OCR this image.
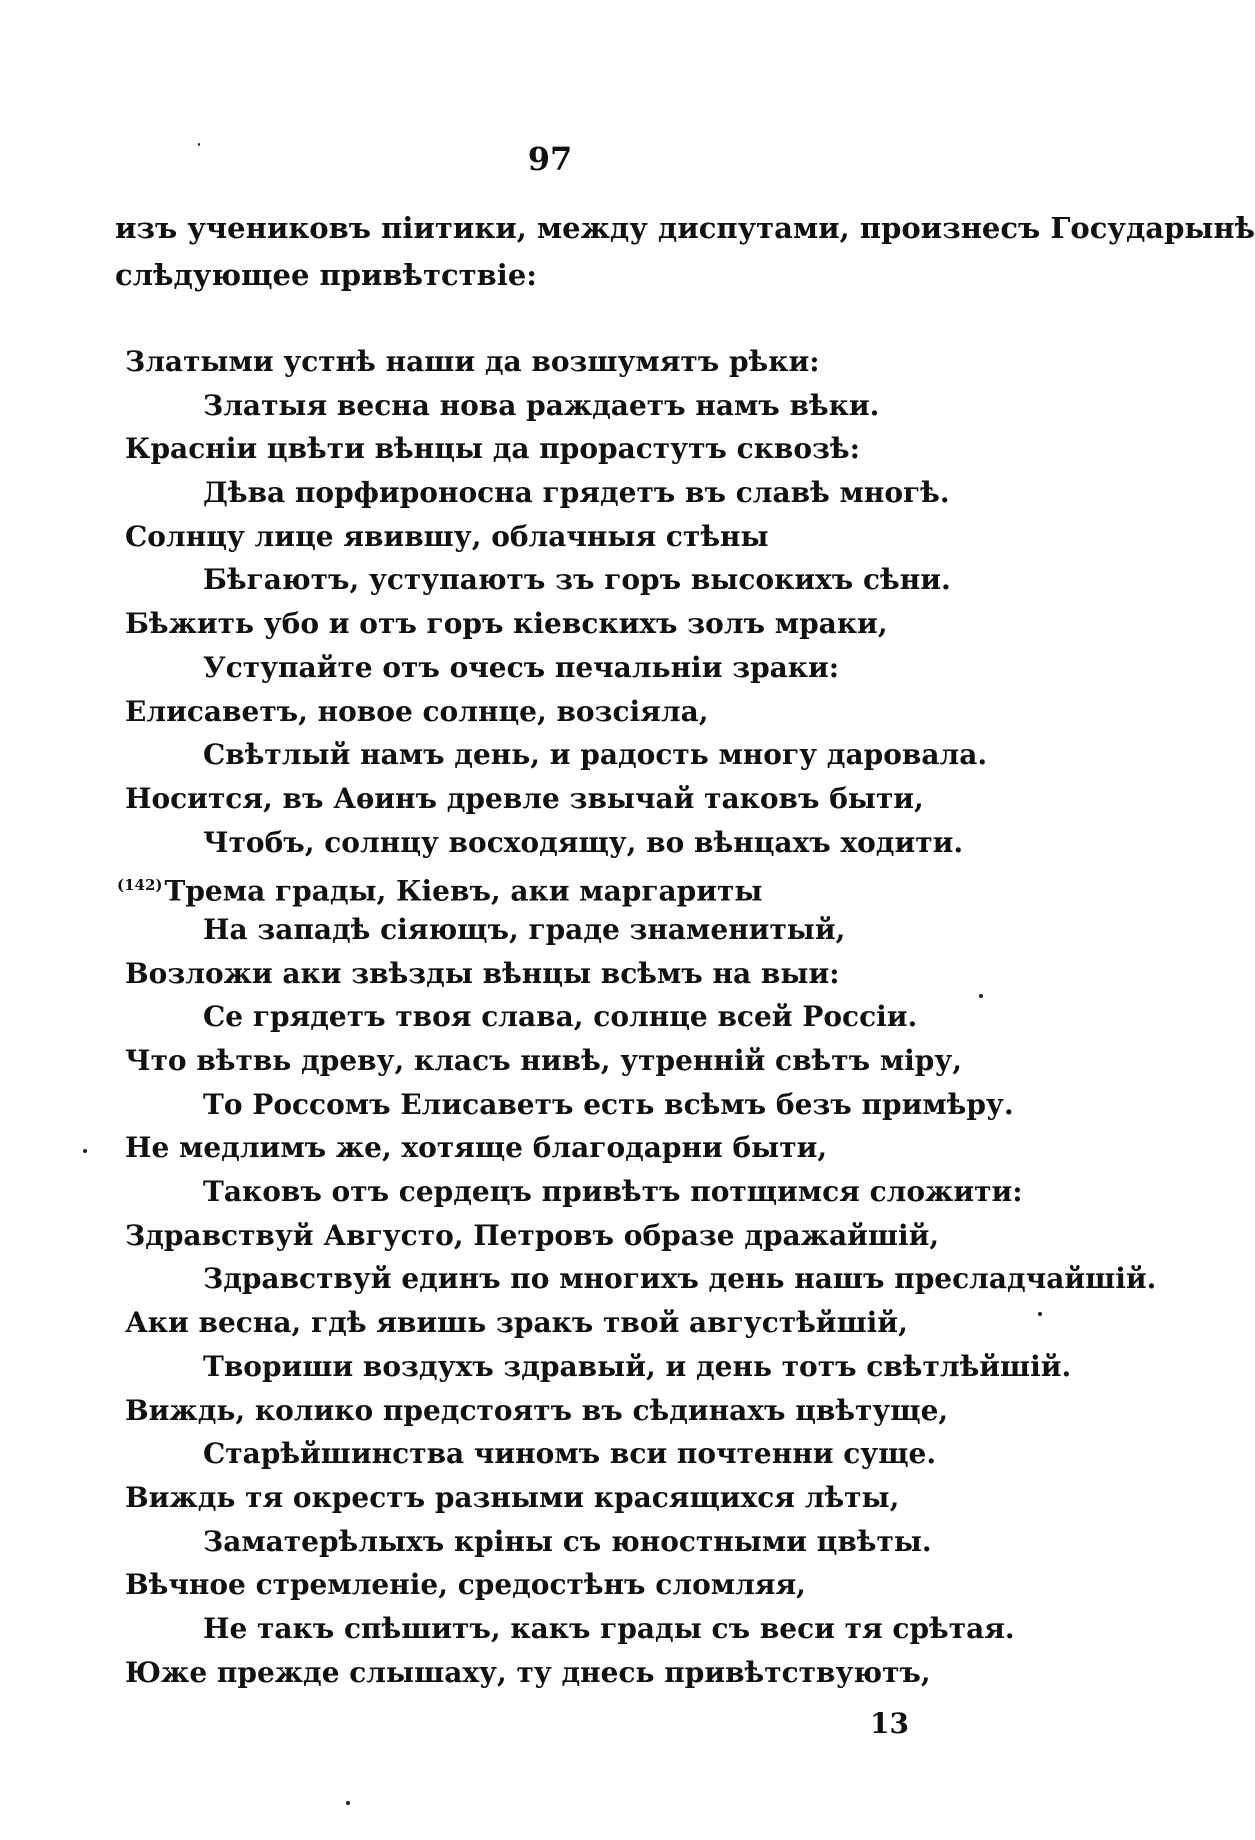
97
изъ учениковъ піитики, между диспутами, произнесъ Государынѣ
слѣдующее привѣтствіе:
Златыми устнѣ наши да возшумятъ рѣки:
Златыя весна нова раждаетъ намъ вѣки.
Красніи цвѣти вѣнцы да прорастутъ сквозѣ:
Дѣва порфироносна грядетъ въ славѣ многѣ.
Солнцу лице явившу, облачныя стѣны
Бѣгаютъ, уступаютъ зъ горъ высокихъ сѣни.
Бѣжить убо и отъ горъ кіевскихъ золъ мраки,
Уступайте отъ очесъ печальніи зраки:
Елисаветъ, новое солнце, возсіяла,
Свѣтлый намъ день, и радость многу даровала.
Носится, въ Аѳинъ древле звычай таковъ быти,
Чтобъ, солнцу восходящу, во вѣнцахъ ходити.
$^{(142)}$Трема грады, Кіевъ, аки маргариты
На западѣ сіяющъ, граде знаменитый,
Возложи аки звѣзды вѣнцы всѣмъ на выи:
Се грядетъ твоя слава, солнце всей Россіи.
Что вѣтвь древу, класъ нивѣ, утренній свѣтъ міру,
То Россомъ Елисаветъ есть всѣмъ безъ примѣру.
Не медлимъ же, хотяще благодарни быти,
Таковъ отъ сердецъ привѣтъ потщимся сложити:
Здравствуй Августо, Петровъ образе дражайшій,
Здравствуй единъ по многихъ день нашъ пресладчайшій.
Аки весна, гдѣ явишь зракъ твой августѣйшій,
Твориши воздухъ здравый, и день тотъ свѣтлѣйшій.
Виждь, колико предстоятъ въ сѣдинахъ цвѣтуще,
Старѣйшинства чиномъ вси почтенни суще.
Виждь тя окрестъ разными красящихся лѣты,
Заматерѣлыхъ кріны съ юностными цвѣты.
Вѣчное стремленіе, средостѣнъ сломляя,
Не такъ спѣшитъ, какъ грады съ веси тя срѣтая.
Юже прежде слышаху, ту днесь привѣтствуютъ,
13
